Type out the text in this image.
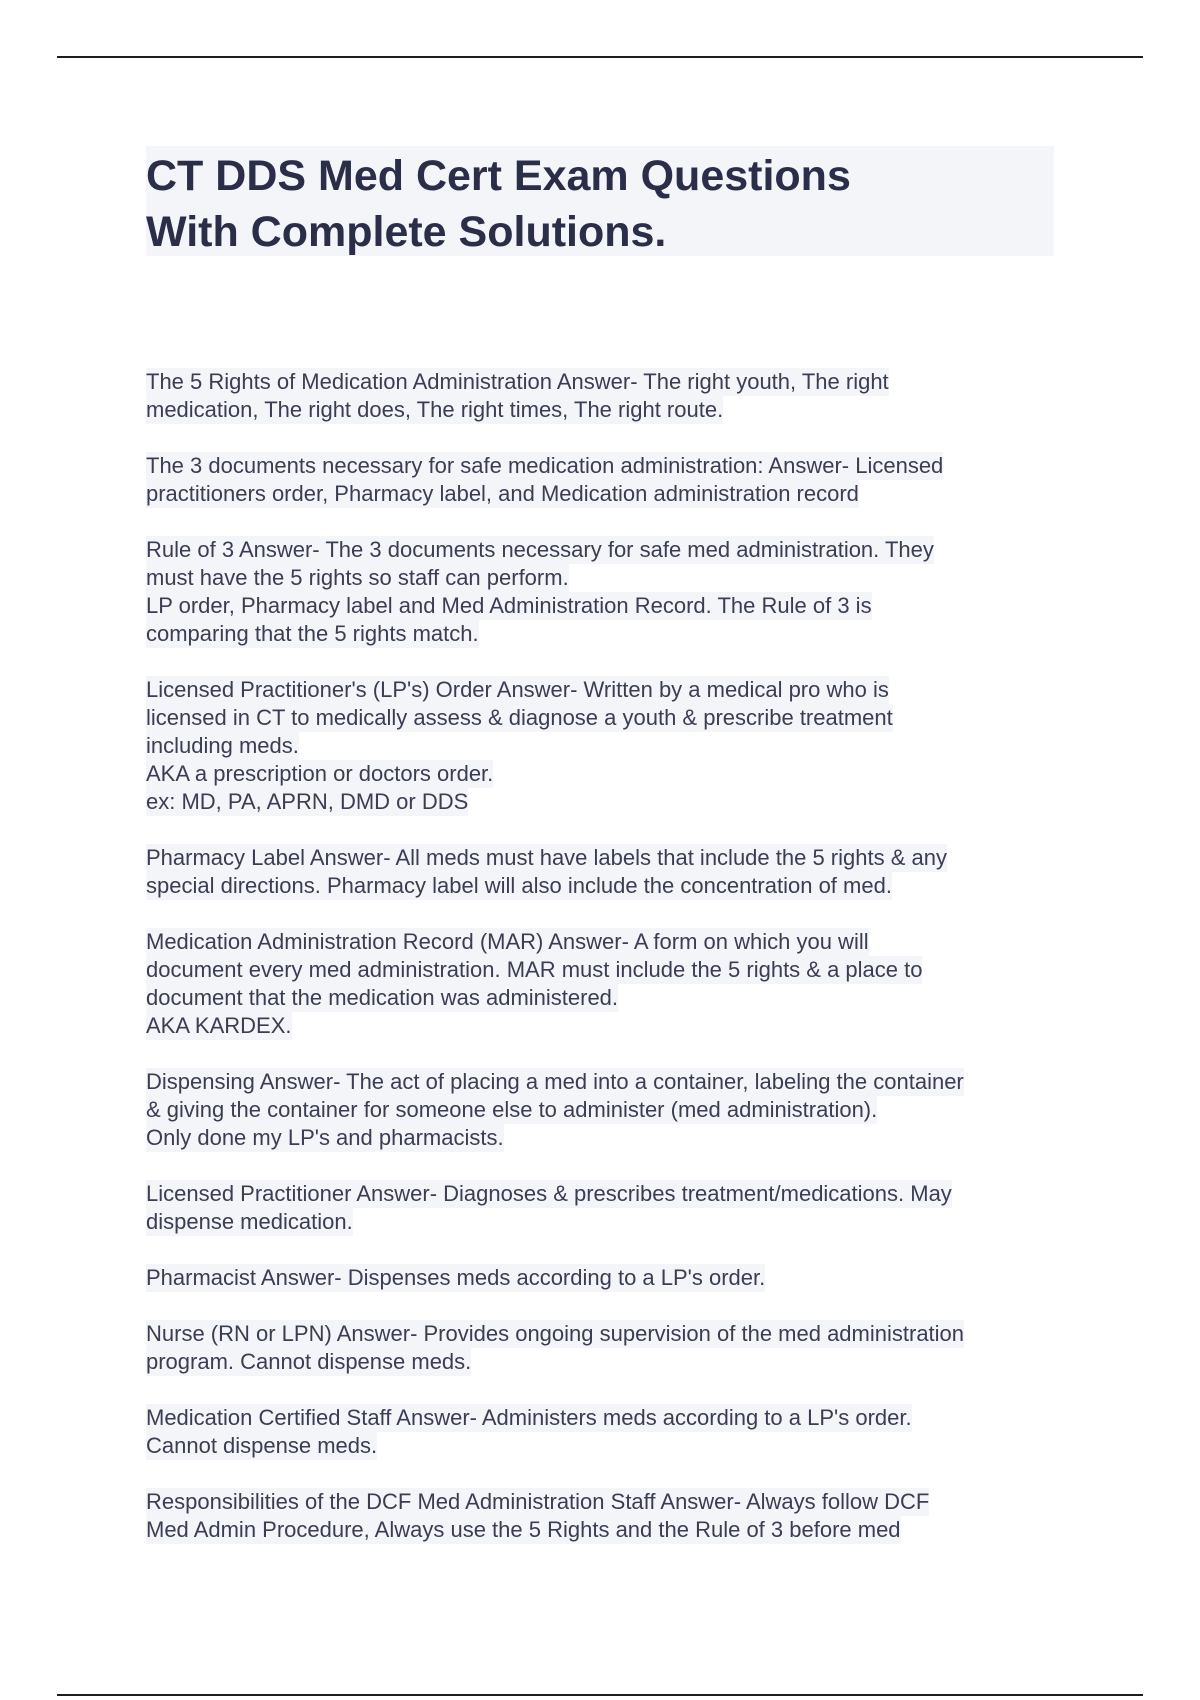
CT DDS Med Cert Exam Questions
With Complete Solutions.
The 5 Rights of Medication Administration Answer- The right youth, The right
medication, The right does, The right times, The right route.
The 3 documents necessary for safe medication administration: Answer- Licensed
practitioners order, Pharmacy label, and Medication administration record
Rule of 3 Answer- The 3 documents necessary for safe med administration. They
must have the 5 rights so staff can perform.
LP order, Pharmacy label and Med Administration Record. The Rule of 3 is
comparing that the 5 rights match.
Licensed Practitioner's (LP's) Order Answer- Written by a medical pro who is
licensed in CT to medically assess & diagnose a youth & prescribe treatment
including meds.
AKA a prescription or doctors order.
ex: MD, PA, APRN, DMD or DDS
Pharmacy Label Answer- All meds must have labels that include the 5 rights & any
special directions. Pharmacy label will also include the concentration of med.
Medication Administration Record (MAR) Answer- A form on which you will
document every med administration. MAR must include the 5 rights & a place to
document that the medication was administered.
AKA KARDEX.
Dispensing Answer- The act of placing a med into a container, labeling the container
& giving the container for someone else to administer (med administration).
Only done my LP's and pharmacists.
Licensed Practitioner Answer- Diagnoses & prescribes treatment/medications. May
dispense medication.
Pharmacist Answer- Dispenses meds according to a LP's order.
Nurse (RN or LPN) Answer- Provides ongoing supervision of the med administration
program. Cannot dispense meds.
Medication Certified Staff Answer- Administers meds according to a LP's order.
Cannot dispense meds.
Responsibilities of the DCF Med Administration Staff Answer- Always follow DCF
Med Admin Procedure, Always use the 5 Rights and the Rule of 3 before med
